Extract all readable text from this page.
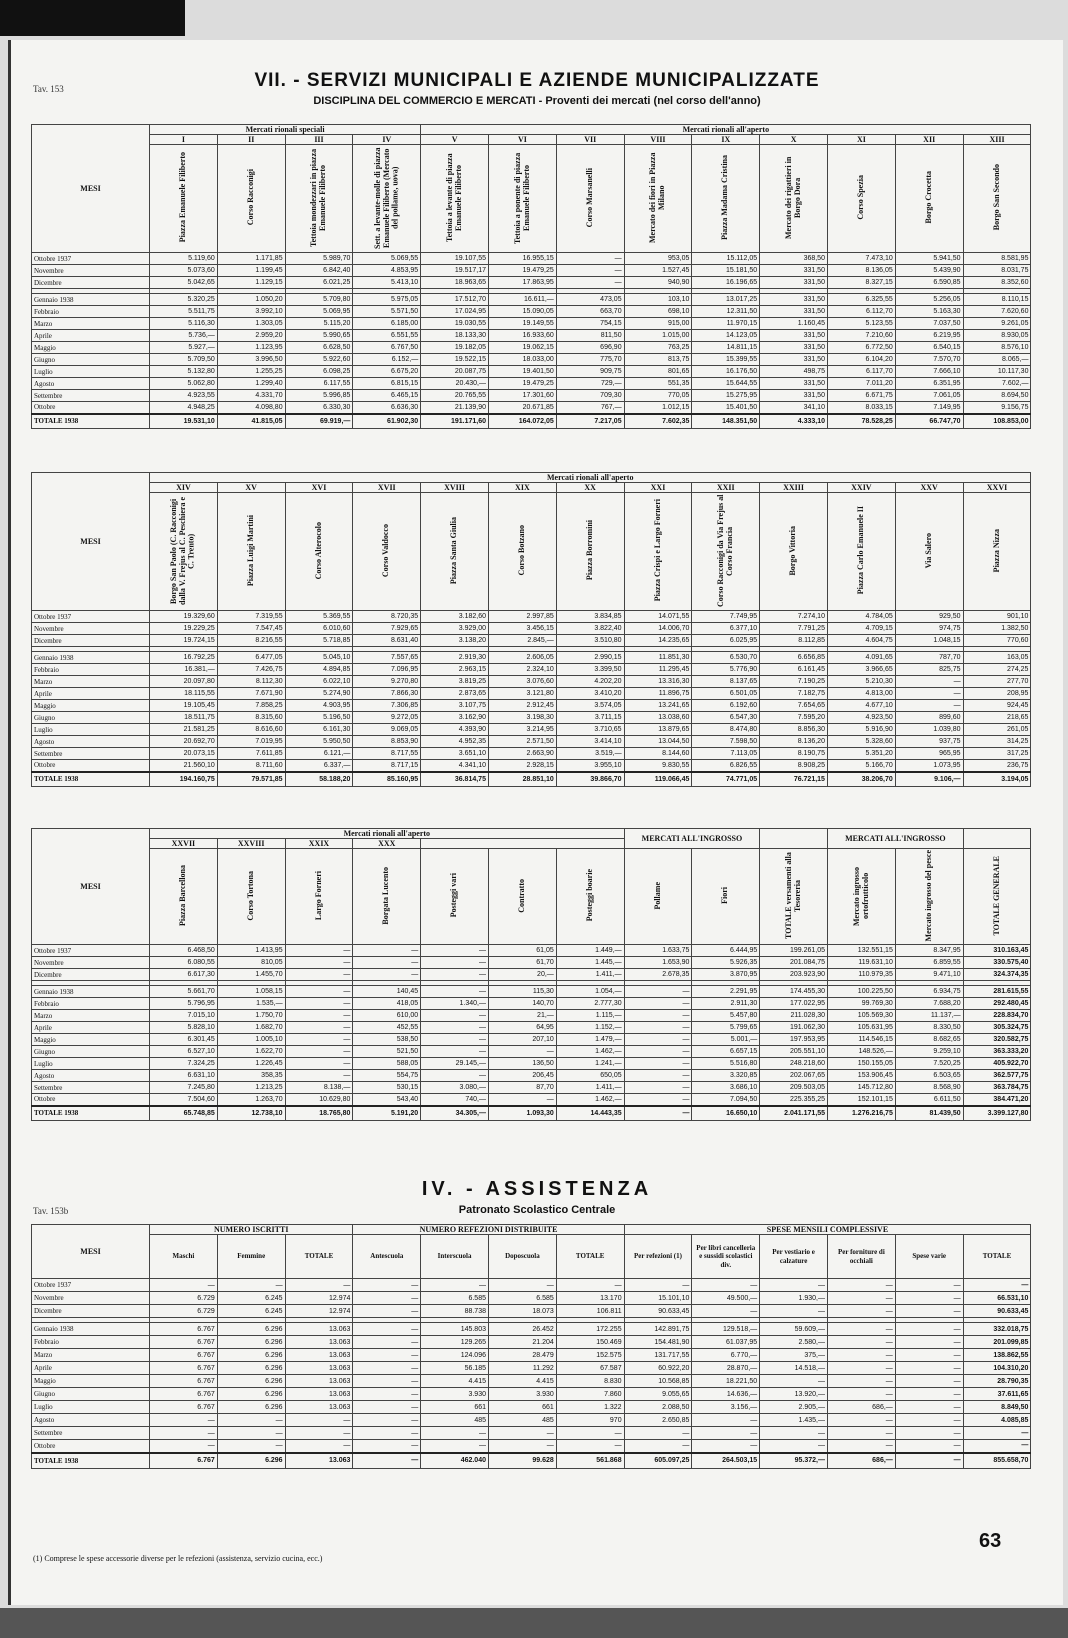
Tav. 153	VII. - SERVIZI MUNICIPALI E AZIENDE MUNICIPALIZZATE
DISCIPLINA DEL COMMERCIO E MERCATI - Proventi dei mercati (nel corso dell'anno)
MESI	Mercati rionali speciali				Mercati rionali all'aperto								
	I	II	III	IV	V	VI	VII	VIII	IX	X	XI	XII	XIII
	Piazza Emanuele Filiberto	Corso Racconigi	Tettoia mondezzari in piazza Emanuele Filiberto	Sett. a levante-molle di piazza Emanuele Filiberto (Mercato del pollame, uova)	Tettoia a levante di piazza Emanuele Filiberto	Tettoia a ponente di piazza Emanuele Filiberto	Corso Marsanelli	Mercato dei fiori in Piazza Milano	Piazza Madama Cristina	Mercato dei rigattieri in Borgo Dora	Corso Spezia	Borgo Crocetta	Borgo San Secondo
Ottobre 1937	5.119,60	1.171,85	5.989,70	5.069,55	19.107,55	16.955,15	—	953,05	15.112,05	368,50	7.473,10	5.941,50	8.581,95
Novembre	5.073,60	1.199,45	6.842,40	4.853,95	19.517,17	19.479,25	—	1.527,45	15.181,50	331,50	8.136,05	5.439,90	8.031,75
Dicembre	5.042,65	1.129,15	6.021,25	5.413,10	18.963,65	17.863,95	—	940,90	16.196,65	331,50	8.327,15	6.590,85	8.352,60

Gennaio 1938	5.320,25	1.050,20	5.709,80	5.975,05	17.512,70	16.611,—	473,05	103,10	13.017,25	331,50	6.325,55	5.256,05	8.110,15
Febbraio	5.511,75	3.992,10	5.069,95	5.571,50	17.024,95	15.090,05	663,70	698,10	12.311,50	331,50	6.112,70	5.163,30	7.620,60
Marzo	5.116,30	1.303,05	5.115,20	6.185,00	19.030,55	19.149,55	754,15	915,00	11.970,15	1.160,45	5.123,55	7.037,50	9.261,05
Aprile	5.736,—	2.959,20	5.990,65	6.551,55	18.133,30	16.933,60	811,50	1.015,00	14.123,05	331,50	7.210,60	6.219,95	8.930,05
Maggio	5.927,—	1.123,95	6.628,50	6.767,50	19.182,05	19.062,15	696,90	763,25	14.811,15	331,50	6.772,50	6.540,15	8.576,10
Giugno	5.709,50	3.996,50	5.922,60	6.152,—	19.522,15	18.033,00	775,70	813,75	15.399,55	331,50	6.104,20	7.570,70	8.065,—
Luglio	5.132,80	1.255,25	6.098,25	6.675,20	20.087,75	19.401,50	909,75	801,65	16.176,50	498,75	6.117,70	7.666,10	10.117,30
Agosto	5.062,80	1.299,40	6.117,55	6.815,15	20.430,—	19.479,25	729,—	551,35	15.644,55	331,50	7.011,20	6.351,95	7.602,—
Settembre	4.923,55	4.331,70	5.996,85	6.465,15	20.765,55	17.301,60	709,30	770,05	15.275,95	331,50	6.671,75	7.061,05	8.694,50
Ottobre	4.948,25	4.098,80	6.330,30	6.636,30	21.139,90	20.671,85	767,—	1.012,15	15.401,50	341,10	8.033,15	7.149,95	9.156,75
TOTALE 1938	19.531,10	41.815,05	69.919,—	61.902,30	191.171,60	164.072,05	7.217,05	7.602,35	148.351,50	4.333,10	78.528,25	66.747,70	108.853,00
MESI	Mercati rionali all'aperto												
	XIV	XV	XVI	XVII	XVIII	XIX	XX	XXI	XXII	XXIII	XXIV	XXV	XXVI
	Borgo San Paolo (C. Racconigi dalla V. Frejus al C. Peschiera e C. Trento)	Piazza Luigi Martini	Corso Alterocolo	Corso Valdocco	Piazza Santa Giulia	Corso Botzano	Piazza Borromini	Piazza Crispi e Largo Forneri	Corso Racconigi da Via Frejus al Corso Francia	Borgo Vittoria	Piazza Carlo Emanuele II	Via Salero	Piazza Nizza
Ottobre 1937	19.329,60	7.319,55	5.369,55	8.720,35	3.182,60	2.997,85	3.834,85	14.071,55	7.749,95	7.274,10	4.784,05	929,50	901,10
Novembre	19.229,25	7.547,45	6.010,60	7.929,65	3.929,00	3.456,15	3.822,40	14.006,70	6.377,10	7.791,25	4.709,15	974,75	1.382,50
Dicembre	19.724,15	8.216,55	5.718,85	8.631,40	3.138,20	2.845,—	3.510,80	14.235,65	6.025,95	8.112,85	4.604,75	1.048,15	770,60

Gennaio 1938	16.792,25	6.477,05	5.045,10	7.557,65	2.919,30	2.606,05	2.990,15	11.851,30	6.530,70	6.656,85	4.091,65	787,70	163,05
Febbraio	16.381,—	7.426,75	4.894,85	7.096,95	2.963,15	2.324,10	3.399,50	11.295,45	5.776,90	6.161,45	3.966,65	825,75	274,25
Marzo	20.097,80	8.112,30	6.022,10	9.270,80	3.819,25	3.076,60	4.202,20	13.316,30	8.137,65	7.190,25	5.210,30	—	277,70
Aprile	18.115,55	7.671,90	5.274,90	7.866,30	2.873,65	3.121,80	3.410,20	11.896,75	6.501,05	7.182,75	4.813,00	—	208,95
Maggio	19.105,45	7.858,25	4.903,95	7.306,85	3.107,75	2.912,45	3.574,05	13.241,65	6.192,60	7.654,65	4.677,10	—	924,45
Giugno	18.511,75	8.315,60	5.196,50	9.272,05	3.162,90	3.198,30	3.711,15	13.038,60	6.547,30	7.595,20	4.923,50	899,60	218,65
Luglio	21.581,25	8.616,60	6.161,30	9.069,05	4.393,90	3.214,95	3.710,65	13.879,65	8.474,80	8.856,30	5.916,90	1.039,80	261,05
Agosto	20.692,70	7.019,95	5.950,50	8.853,90	4.952,35	2.571,50	3.414,10	13.044,50	7.598,50	8.136,20	5.328,60	937,75	314,25
Settembre	20.073,15	7.611,85	6.121,—	8.717,55	3.651,10	2.663,90	3.519,—	8.144,60	7.113,05	8.190,75	5.351,20	965,95	317,25
Ottobre	21.560,10	8.711,60	6.337,—	8.717,15	4.341,10	2.928,15	3.955,10	9.830,55	6.826,55	8.908,25	5.166,70	1.073,95	236,75
TOTALE 1938	194.160,75	79.571,85	58.188,20	85.160,95	36.814,75	28.851,10	39.866,70	119.066,45	74.771,05	76.721,15	38.206,70	9.106,—	3.194,05
MESI	Mercati rionali all'aperto							MERCATI ALL'INGROSSO			MERCATI ALL'INGROSSO		
	XXVII	XXVIII	XXIX	XXX									
	Piazza Barcellona	Corso Tortona	Largo Forneri	Borgata Lucento	Posteggi vari	Contratto	Posteggi boarie	Pollame	Fiori	TOTALE versamenti alla Tesoreria	Mercato ingrosso ortofrutticolo	Mercato ingrosso del pesce	TOTALE GENERALE
Ottobre 1937	6.468,50	1.413,95	—	—	—	61,05	1.449,—	1.633,75	6.444,95	199.261,05	132.551,15	8.347,95	310.163,45
Novembre	6.080,55	810,05	—	—	—	61,70	1.445,—	1.653,90	5.926,35	201.084,75	119.631,10	6.859,55	330.575,40
Dicembre	6.617,30	1.455,70	—	—	—	20,—	1.411,—	2.678,35	3.870,95	203.923,90	110.979,35	9.471,10	324.374,35

Gennaio 1938	5.661,70	1.058,15	—	140,45	—	115,30	1.054,—	—	2.291,95	174.455,30	100.225,50	6.934,75	281.615,55
Febbraio	5.796,95	1.535,—	—	418,05	1.340,—	140,70	2.777,30	—	2.911,30	177.022,95	99.769,30	7.688,20	292.480,45
Marzo	7.015,10	1.750,70	—	610,00	—	21,—	1.115,—	—	5.457,80	211.028,30	105.569,30	11.137,—	228.834,70
Aprile	5.828,10	1.682,70	—	452,55	—	64,95	1.152,—	—	5.799,65	191.062,30	105.631,95	8.330,50	305.324,75
Maggio	6.301,45	1.005,10	—	538,50	—	207,10	1.479,—	—	5.001,—	197.953,95	114.546,15	8.682,65	320.582,75
Giugno	6.527,10	1.622,70	—	521,50	—	—	1.462,—	—	6.657,15	205.551,10	148.526,—	9.259,10	363.333,20
Luglio	7.324,25	1.226,45	—	588,05	29.145,—	136,50	1.241,—	—	5.516,80	248.218,60	150.155,05	7.520,25	405.922,70
Agosto	6.631,10	358,35	—	554,75	—	206,45	650,05	—	3.320,85	202.067,65	153.906,45	6.503,65	362.577,75
Settembre	7.245,80	1.213,25	8.138,—	530,15	3.080,—	87,70	1.411,—	—	3.686,10	209.503,05	145.712,80	8.568,90	363.784,75
Ottobre	7.504,60	1.263,70	10.629,80	543,40	740,—	—	1.462,—	—	7.094,50	225.355,25	152.101,15	6.611,50	384.471,20
TOTALE 1938	65.748,85	12.738,10	18.765,80	5.191,20	34.305,—	1.093,30	14.443,35	—	16.650,10	2.041.171,55	1.276.216,75	81.439,50	3.399.127,80
IV. - ASSISTENZA
Tav. 153b	Patronato Scolastico Centrale
MESI	NUMERO ISCRITTI			NUMERO REFEZIONI DISTRIBUITE				SPESE MENSILI COMPLESSIVE					
	Maschi	Femmine	TOTALE	Antescuola	Interscuola	Doposcuola	TOTALE	Per refezioni (1)	Per libri cancelleria e sussidi scolastici div.	Per vestiario e calzature	Per forniture di occhiali	Spese varie	TOTALE
Ottobre 1937	—	—	—	—	—	—	—	—	—	—	—	—	—
Novembre	6.729	6.245	12.974	—	6.585	6.585	13.170	15.101,10	49.500,—	1.930,—	—	—	66.531,10
Dicembre	6.729	6.245	12.974	—	88.738	18.073	106.811	90.633,45	—	—	—	—	90.633,45

Gennaio 1938	6.767	6.296	13.063	—	145.803	26.452	172.255	142.891,75	129.518,—	59.609,—	—	—	332.018,75
Febbraio	6.767	6.296	13.063	—	129.265	21.204	150.469	154.481,90	61.037,95	2.580,—	—	—	201.099,85
Marzo	6.767	6.296	13.063	—	124.096	28.479	152.575	131.717,55	6.770,—	375,—	—	—	138.862,55
Aprile	6.767	6.296	13.063	—	56.185	11.292	67.587	60.922,20	28.870,—	14.518,—	—	—	104.310,20
Maggio	6.767	6.296	13.063	—	4.415	4.415	8.830	10.568,85	18.221,50	—	—	—	28.790,35
Giugno	6.767	6.296	13.063	—	3.930	3.930	7.860	9.055,65	14.636,—	13.920,—	—	—	37.611,65
Luglio	6.767	6.296	13.063	—	661	661	1.322	2.088,50	3.156,—	2.905,—	686,—	—	8.849,50
Agosto	—	—	—	—	485	485	970	2.650,85	—	1.435,—	—	—	4.085,85
Settembre	—	—	—	—	—	—	—	—	—	—	—	—	—
Ottobre	—	—	—	—	—	—	—	—	—	—	—	—	—
TOTALE 1938	6.767	6.296	13.063	—	462.040	99.628	561.868	605.097,25	264.503,15	95.372,—	686,—	—	855.658,70
(1) Comprese le spese accessorie diverse per le refezioni (assistenza, servizio cucina, ecc.)
63
